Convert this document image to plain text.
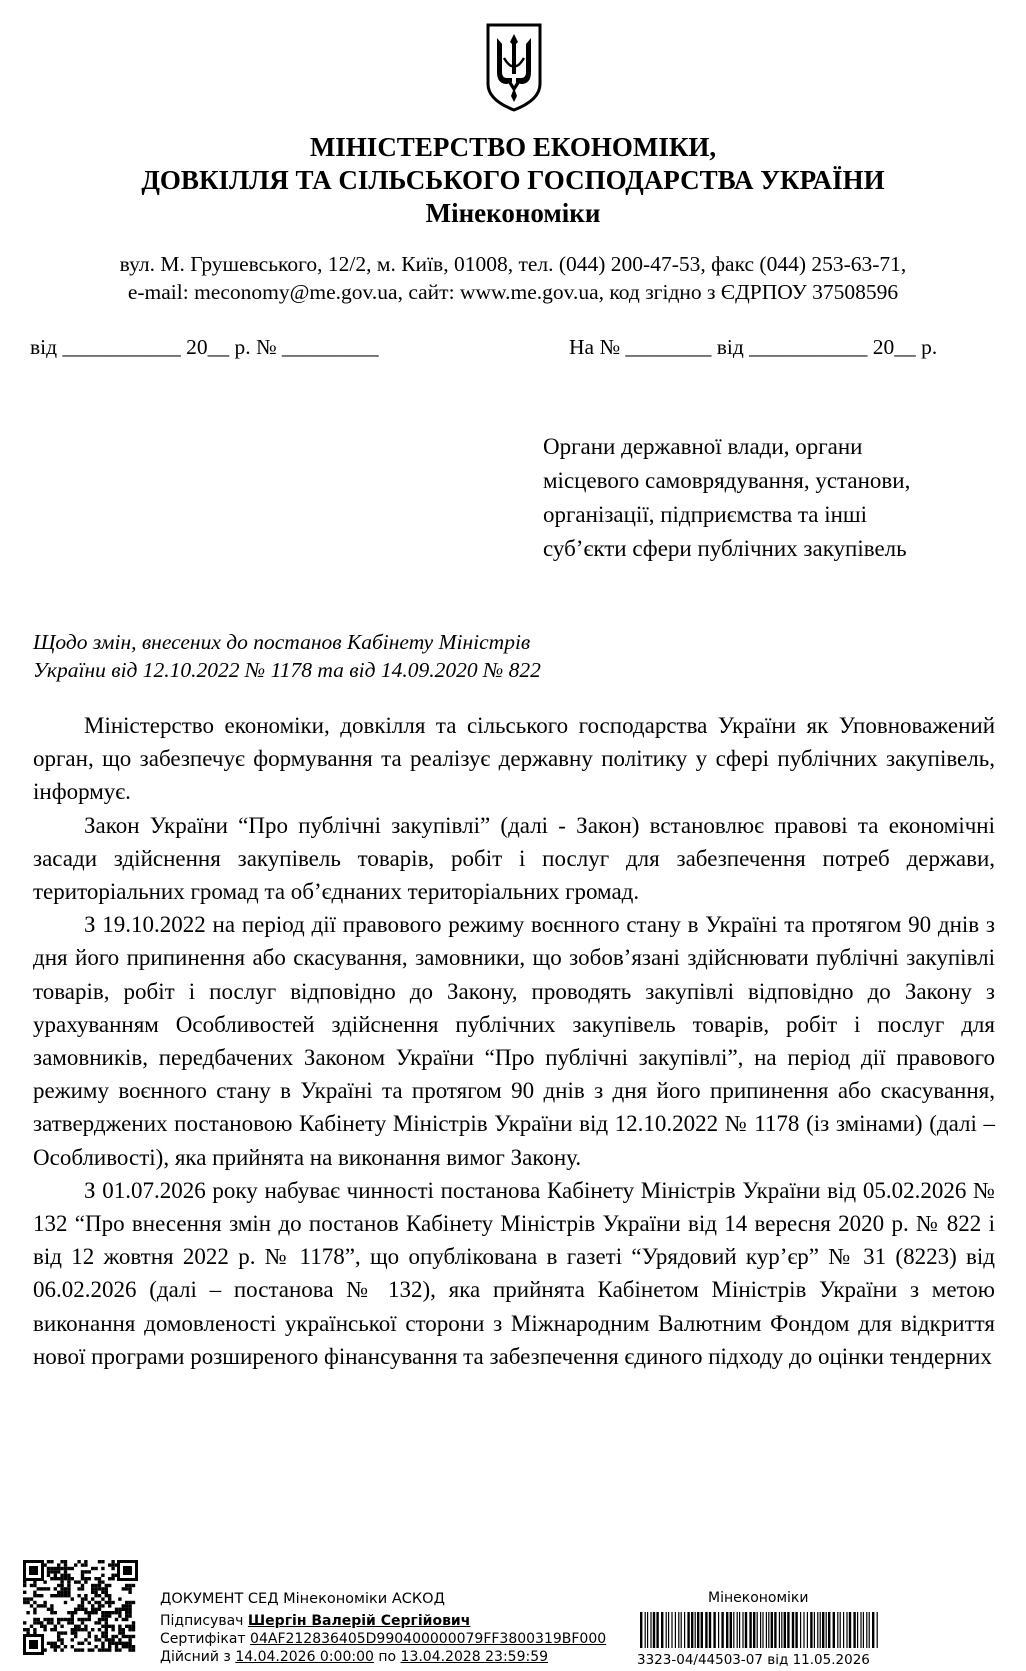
МІНІСТЕРСТВО ЕКОНОМІКИ,
ДОВКІЛЛЯ ТА СІЛЬСЬКОГО ГОСПОДАРСТВА УКРАЇНИ
Мінекономіки
вул. М. Грушевського, 12/2, м. Київ, 01008, тел. (044) 200-47-53, факс (044) 253-63-71,
e-mail: meconomy@me.gov.ua, сайт: www.me.gov.ua, код згідно з ЄДРПОУ 37508596
від ___________ 20__ р. № _________	На № ________ від ___________ 20__ р.
Органи державної влади, органи
місцевого самоврядування, установи,
організації, підприємства та інші
суб’єкти сфери публічних закупівель
Щодо змін, внесених до постанов Кабінету Міністрів
України від 12.10.2022 № 1178 та від 14.09.2020 № 822

Міністерство економіки, довкілля та сільського господарства України як Уповноважений орган, що забезпечує формування та реалізує державну політику у сфері публічних закупівель, інформує.

Закон України “Про публічні закупівлі” (далі - Закон) встановлює правові та економічні засади здійснення закупівель товарів, робіт і послуг для забезпечення потреб держави, територіальних громад та об’єднаних територіальних громад.

З 19.10.2022 на період дії правового режиму воєнного стану в Україні та протягом 90 днів з дня його припинення або скасування, замовники, що зобов’язані здійснювати публічні закупівлі товарів, робіт і послуг відповідно до Закону, проводять закупівлі відповідно до Закону з урахуванням Особливостей здійснення публічних закупівель товарів, робіт і послуг для замовників, передбачених Законом України “Про публічні закупівлі”, на період дії правового режиму воєнного стану в Україні та протягом 90 днів з дня його припинення або скасування, затверджених постановою Кабінету Міністрів України від 12.10.2022 № 1178 (із змінами) (далі – Особливості), яка прийнята на виконання вимог Закону.

З 01.07.2026 року набуває чинності постанова Кабінету Міністрів України від 05.02.2026 № 132 “Про внесення змін до постанов Кабінету Міністрів України від 14 вересня 2020 р. № 822 і від 12 жовтня 2022 р. № 1178”, що опублікована в газеті “Урядовий кур’єр” № 31 (8223) від 06.02.2026 (далі – постанова № 132), яка прийнята Кабінетом Міністрів України з метою виконання домовленості української сторони з Міжнародним Валютним Фондом для відкриття нової програми розширеного фінансування та забезпечення єдиного підходу до оцінки тендерних

ДОКУМЕНТ СЕД Мінекономіки АСКОД
Підписувач Шергін Валерій Сергійович
Сертифікат 04AF212836405D990400000079FF3800319BF000
Дійсний з 14.04.2026 0:00:00 по 13.04.2028 23:59:59
Мінекономіки
3323-04/44503-07 від 11.05.2026
